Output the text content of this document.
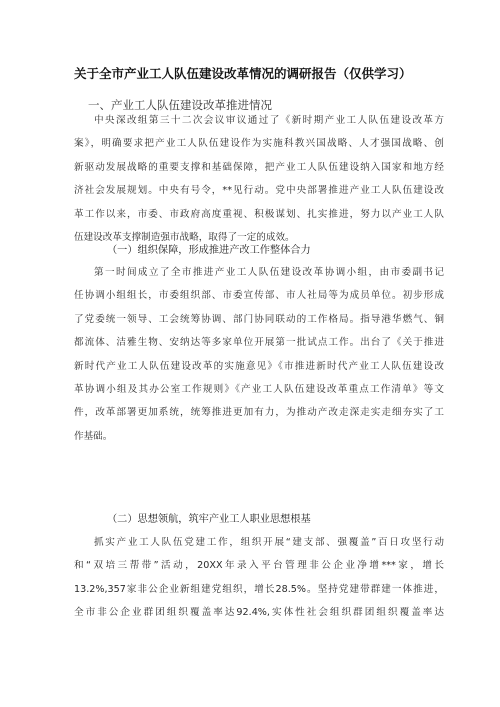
关于全市产业工人队伍建设改革情况的调研报告（仅供学习）
一、产业工人队伍建设改革推进情况
中央深改组第三十二次会议审议通过了《新时期产业工人队伍建设改革方
案》，明确要求把产业工人队伍建设作为实施科教兴国战略、人才强国战略、创
新驱动发展战略的重要支撑和基础保障，把产业工人队伍建设纳入国家和地方经
济社会发展规划。中央有号令，**见行动。党中央部署推进产业工人队伍建设改
革工作以来，市委、市政府高度重视、积极谋划、扎实推进，努力以产业工人队
伍建设改革支撑制造强市战略，取得了一定的成效。
（一）组织保障，形成推进产改工作整体合力
第一时间成立了全市推进产业工人队伍建设改革协调小组，由市委副书记
任协调小组组长，市委组织部、市委宣传部、市人社局等为成员单位。初步形成
了党委统一领导、工会统筹协调、部门协同联动的工作格局。指导港华燃气、铜
都流体、洁雅生物、安纳达等多家单位开展第一批试点工作。出台了《关于推进
新时代产业工人队伍建设改革的实施意见》《市推进新时代产业工人队伍建设改
革协调小组及其办公室工作规则》《产业工人队伍建设改革重点工作清单》等文
件，改革部署更加系统，统筹推进更加有力，为推动产改走深走实走细夯实了工
作基础。
（二）思想领航，筑牢产业工人职业思想根基
抓实产业工人队伍党建工作，组织开展“建支部、强覆盖”百日攻坚行动
和“双培三帮带”活动，20XX年录入平台管理非公企业净增***家，增长
13.2%,357家非公企业新组建党组织，增长28.5%。坚持党建带群建一体推进，
全市非公企业群团组织覆盖率达92.4%,实体性社会组织群团组织覆盖率达
